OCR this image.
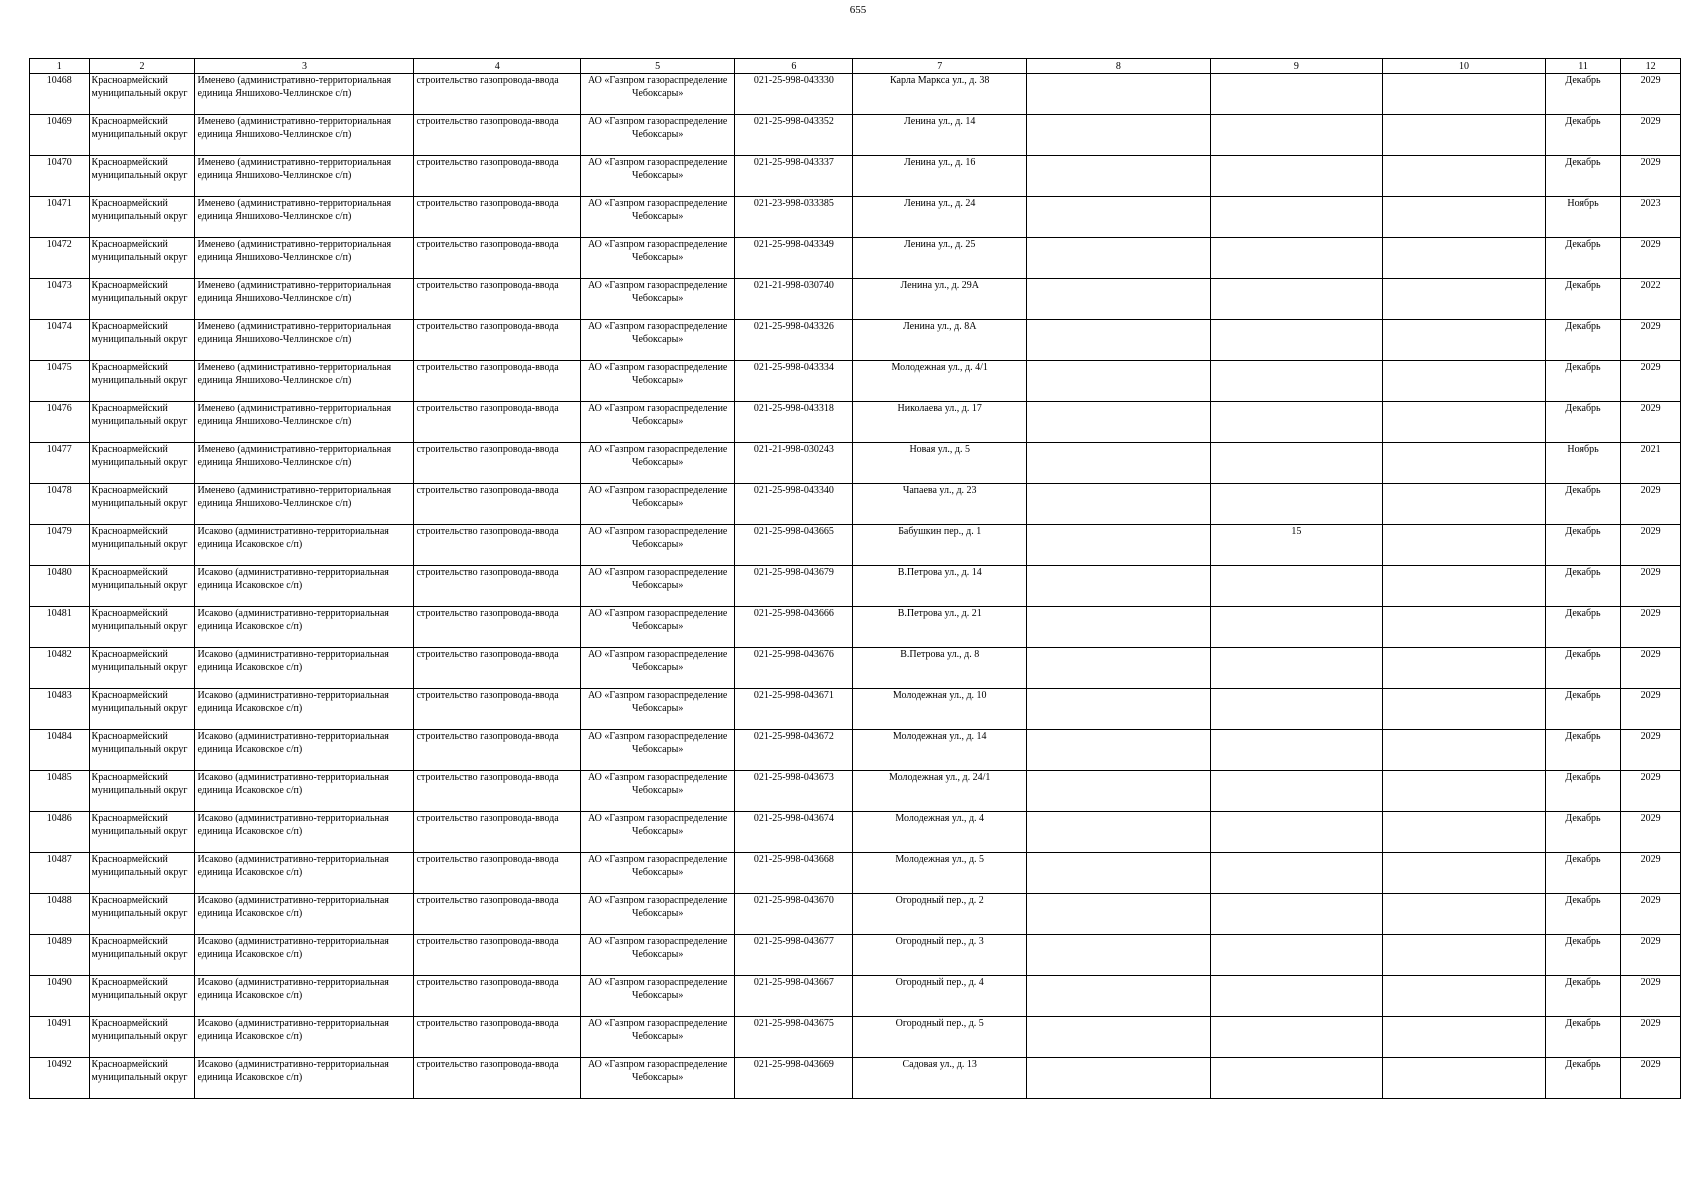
655
1	2	3	4	5	6	7	8	9	10	11	12

10468	Красноармейский муниципальный округ	Именево (административно-территориальная единица Яншихово-Челлинское с/п)	строительство газопровода-ввода	АО «Газпром газораспределение Чебоксары»	021-25-998-043330	Карла Маркса ул., д. 38				Декабрь	2029

10469	Красноармейский муниципальный округ	Именево (административно-территориальная единица Яншихово-Челлинское с/п)	строительство газопровода-ввода	АО «Газпром газораспределение Чебоксары»	021-25-998-043352	Ленина ул., д. 14				Декабрь	2029

10470	Красноармейский муниципальный округ	Именево (административно-территориальная единица Яншихово-Челлинское с/п)	строительство газопровода-ввода	АО «Газпром газораспределение Чебоксары»	021-25-998-043337	Ленина ул., д. 16				Декабрь	2029

10471	Красноармейский муниципальный округ	Именево (административно-территориальная единица Яншихово-Челлинское с/п)	строительство газопровода-ввода	АО «Газпром газораспределение Чебоксары»	021-23-998-033385	Ленина ул., д. 24				Ноябрь	2023

10472	Красноармейский муниципальный округ	Именево (административно-территориальная единица Яншихово-Челлинское с/п)	строительство газопровода-ввода	АО «Газпром газораспределение Чебоксары»	021-25-998-043349	Ленина ул., д. 25				Декабрь	2029

10473	Красноармейский муниципальный округ	Именево (административно-территориальная единица Яншихово-Челлинское с/п)	строительство газопровода-ввода	АО «Газпром газораспределение Чебоксары»	021-21-998-030740	Ленина ул., д. 29А				Декабрь	2022

10474	Красноармейский муниципальный округ	Именево (административно-территориальная единица Яншихово-Челлинское с/п)	строительство газопровода-ввода	АО «Газпром газораспределение Чебоксары»	021-25-998-043326	Ленина ул., д. 8А				Декабрь	2029

10475	Красноармейский муниципальный округ	Именево (административно-территориальная единица Яншихово-Челлинское с/п)	строительство газопровода-ввода	АО «Газпром газораспределение Чебоксары»	021-25-998-043334	Молодежная ул., д. 4/1				Декабрь	2029

10476	Красноармейский муниципальный округ	Именево (административно-территориальная единица Яншихово-Челлинское с/п)	строительство газопровода-ввода	АО «Газпром газораспределение Чебоксары»	021-25-998-043318	Николаева ул., д. 17				Декабрь	2029

10477	Красноармейский муниципальный округ	Именево (административно-территориальная единица Яншихово-Челлинское с/п)	строительство газопровода-ввода	АО «Газпром газораспределение Чебоксары»	021-21-998-030243	Новая ул., д. 5				Ноябрь	2021

10478	Красноармейский муниципальный округ	Именево (административно-территориальная единица Яншихово-Челлинское с/п)	строительство газопровода-ввода	АО «Газпром газораспределение Чебоксары»	021-25-998-043340	Чапаева ул., д. 23				Декабрь	2029

10479	Красноармейский муниципальный округ	Исаково (административно-территориальная единица Исаковское с/п)	строительство газопровода-ввода	АО «Газпром газораспределение Чебоксары»	021-25-998-043665	Бабушкин пер., д. 1		15		Декабрь	2029

10480	Красноармейский муниципальный округ	Исаково (административно-территориальная единица Исаковское с/п)	строительство газопровода-ввода	АО «Газпром газораспределение Чебоксары»	021-25-998-043679	В.Петрова ул., д. 14				Декабрь	2029

10481	Красноармейский муниципальный округ	Исаково (административно-территориальная единица Исаковское с/п)	строительство газопровода-ввода	АО «Газпром газораспределение Чебоксары»	021-25-998-043666	В.Петрова ул., д. 21				Декабрь	2029

10482	Красноармейский муниципальный округ	Исаково (административно-территориальная единица Исаковское с/п)	строительство газопровода-ввода	АО «Газпром газораспределение Чебоксары»	021-25-998-043676	В.Петрова ул., д. 8				Декабрь	2029

10483	Красноармейский муниципальный округ	Исаково (административно-территориальная единица Исаковское с/п)	строительство газопровода-ввода	АО «Газпром газораспределение Чебоксары»	021-25-998-043671	Молодежная ул., д. 10				Декабрь	2029

10484	Красноармейский муниципальный округ	Исаково (административно-территориальная единица Исаковское с/п)	строительство газопровода-ввода	АО «Газпром газораспределение Чебоксары»	021-25-998-043672	Молодежная ул., д. 14				Декабрь	2029

10485	Красноармейский муниципальный округ	Исаково (административно-территориальная единица Исаковское с/п)	строительство газопровода-ввода	АО «Газпром газораспределение Чебоксары»	021-25-998-043673	Молодежная ул., д. 24/1				Декабрь	2029

10486	Красноармейский муниципальный округ	Исаково (административно-территориальная единица Исаковское с/п)	строительство газопровода-ввода	АО «Газпром газораспределение Чебоксары»	021-25-998-043674	Молодежная ул., д. 4				Декабрь	2029

10487	Красноармейский муниципальный округ	Исаково (административно-территориальная единица Исаковское с/п)	строительство газопровода-ввода	АО «Газпром газораспределение Чебоксары»	021-25-998-043668	Молодежная ул., д. 5				Декабрь	2029

10488	Красноармейский муниципальный округ	Исаково (административно-территориальная единица Исаковское с/п)	строительство газопровода-ввода	АО «Газпром газораспределение Чебоксары»	021-25-998-043670	Огородный пер., д. 2				Декабрь	2029

10489	Красноармейский муниципальный округ	Исаково (административно-территориальная единица Исаковское с/п)	строительство газопровода-ввода	АО «Газпром газораспределение Чебоксары»	021-25-998-043677	Огородный пер., д. 3				Декабрь	2029

10490	Красноармейский муниципальный округ	Исаково (административно-территориальная единица Исаковское с/п)	строительство газопровода-ввода	АО «Газпром газораспределение Чебоксары»	021-25-998-043667	Огородный пер., д. 4				Декабрь	2029

10491	Красноармейский муниципальный округ	Исаково (административно-территориальная единица Исаковское с/п)	строительство газопровода-ввода	АО «Газпром газораспределение Чебоксары»	021-25-998-043675	Огородный пер., д. 5				Декабрь	2029

10492	Красноармейский муниципальный округ	Исаково (административно-территориальная единица Исаковское с/п)	строительство газопровода-ввода	АО «Газпром газораспределение Чебоксары»	021-25-998-043669	Садовая ул., д. 13				Декабрь	2029
